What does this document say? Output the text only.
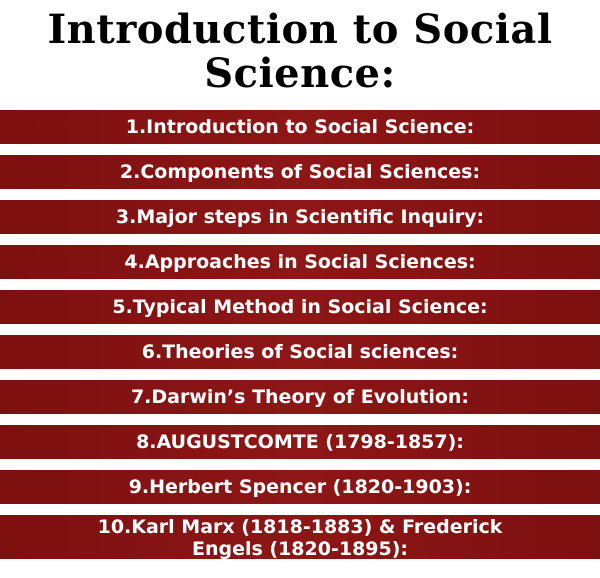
Introduction to Social
Science:
1.Introduction to Social Science:
2.Components of Social Sciences:
3.Major steps in Scientific Inquiry:
4.Approaches in Social Sciences:
5.Typical Method in Social Science:
6.Theories of Social sciences:
7.Darwin’s Theory of Evolution:
8.AUGUSTCOMTE (1798-1857):
9.Herbert Spencer (1820-1903):
10.Karl Marx (1818-1883) & Frederick
Engels (1820-1895):
